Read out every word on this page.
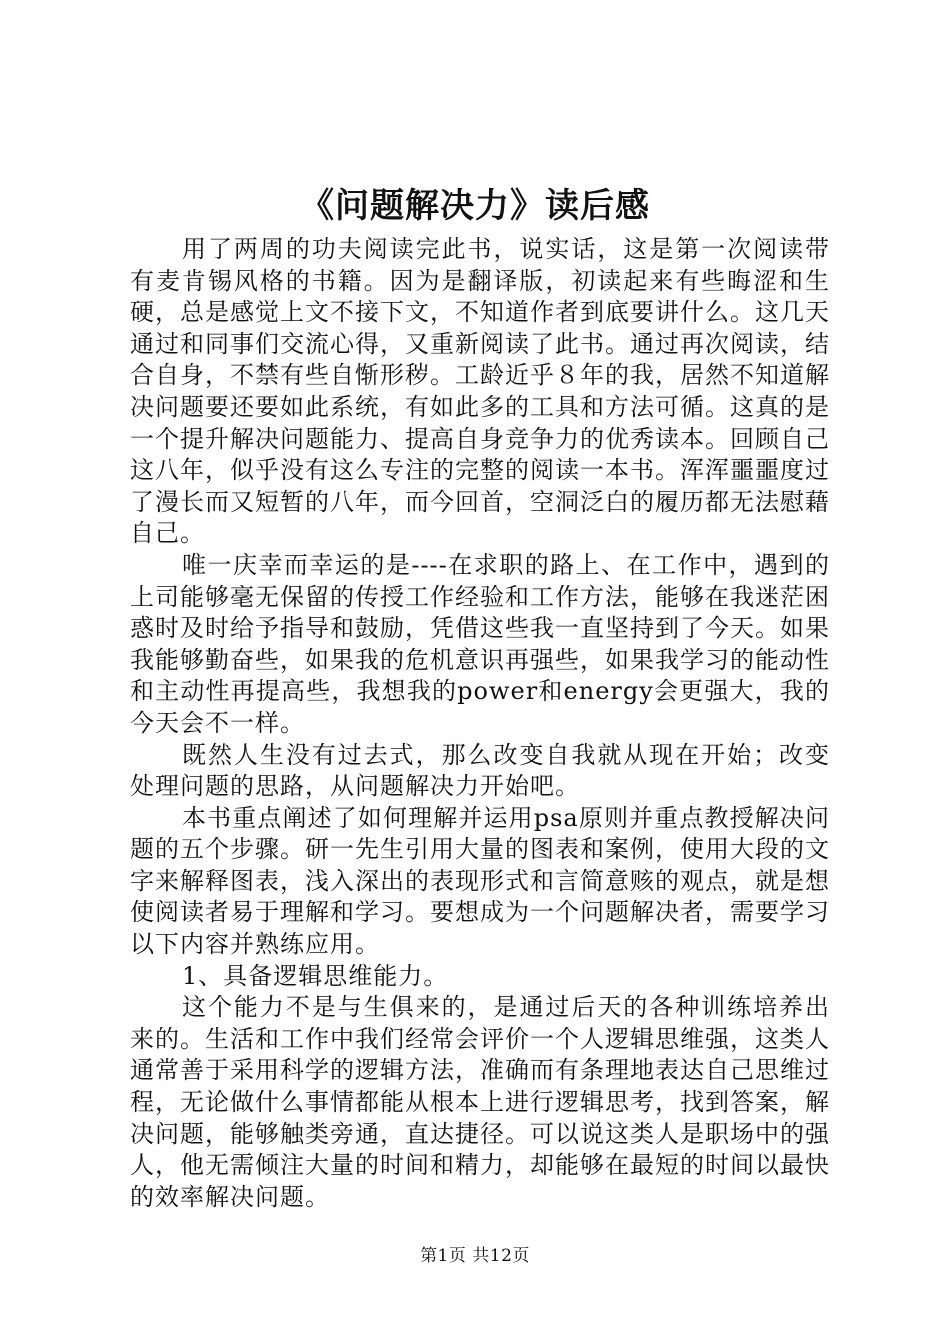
《问题解决力》读后感

用了两周的功夫阅读完此书，说实话，这是第一次阅读带有麦肯锡风格的书籍。因为是翻译版，初读起来有些晦涩和生硬，总是感觉上文不接下文，不知道作者到底要讲什么。这几天通过和同事们交流心得，又重新阅读了此书。通过再次阅读，结合自身，不禁有些自惭形秽。工龄近乎８年的我，居然不知道解决问题要还要如此系统，有如此多的工具和方法可循。这真的是一个提升解决问题能力、提高自身竞争力的优秀读本。回顾自己这八年，似乎没有这么专注的完整的阅读一本书。浑浑噩噩度过了漫长而又短暂的八年，而今回首，空洞泛白的履历都无法慰藉自己。

唯一庆幸而幸运的是----在求职的路上、在工作中，遇到的上司能够毫无保留的传授工作经验和工作方法，能够在我迷茫困惑时及时给予指导和鼓励，凭借这些我一直坚持到了今天。如果我能够勤奋些，如果我的危机意识再强些，如果我学习的能动性和主动性再提高些，我想我的power和energy会更强大，我的今天会不一样。

既然人生没有过去式，那么改变自我就从现在开始；改变处理问题的思路，从问题解决力开始吧。

本书重点阐述了如何理解并运用psa原则并重点教授解决问题的五个步骤。研一先生引用大量的图表和案例，使用大段的文字来解释图表，浅入深出的表现形式和言简意赅的观点，就是想使阅读者易于理解和学习。要想成为一个问题解决者，需要学习以下内容并熟练应用。

1、具备逻辑思维能力。

这个能力不是与生俱来的，是通过后天的各种训练培养出来的。生活和工作中我们经常会评价一个人逻辑思维强，这类人通常善于采用科学的逻辑方法，准确而有条理地表达自己思维过程，无论做什么事情都能从根本上进行逻辑思考，找到答案，解决问题，能够触类旁通，直达捷径。可以说这类人是职场中的强人，他无需倾注大量的时间和精力，却能够在最短的时间以最快的效率解决问题。

第1页 共12页
